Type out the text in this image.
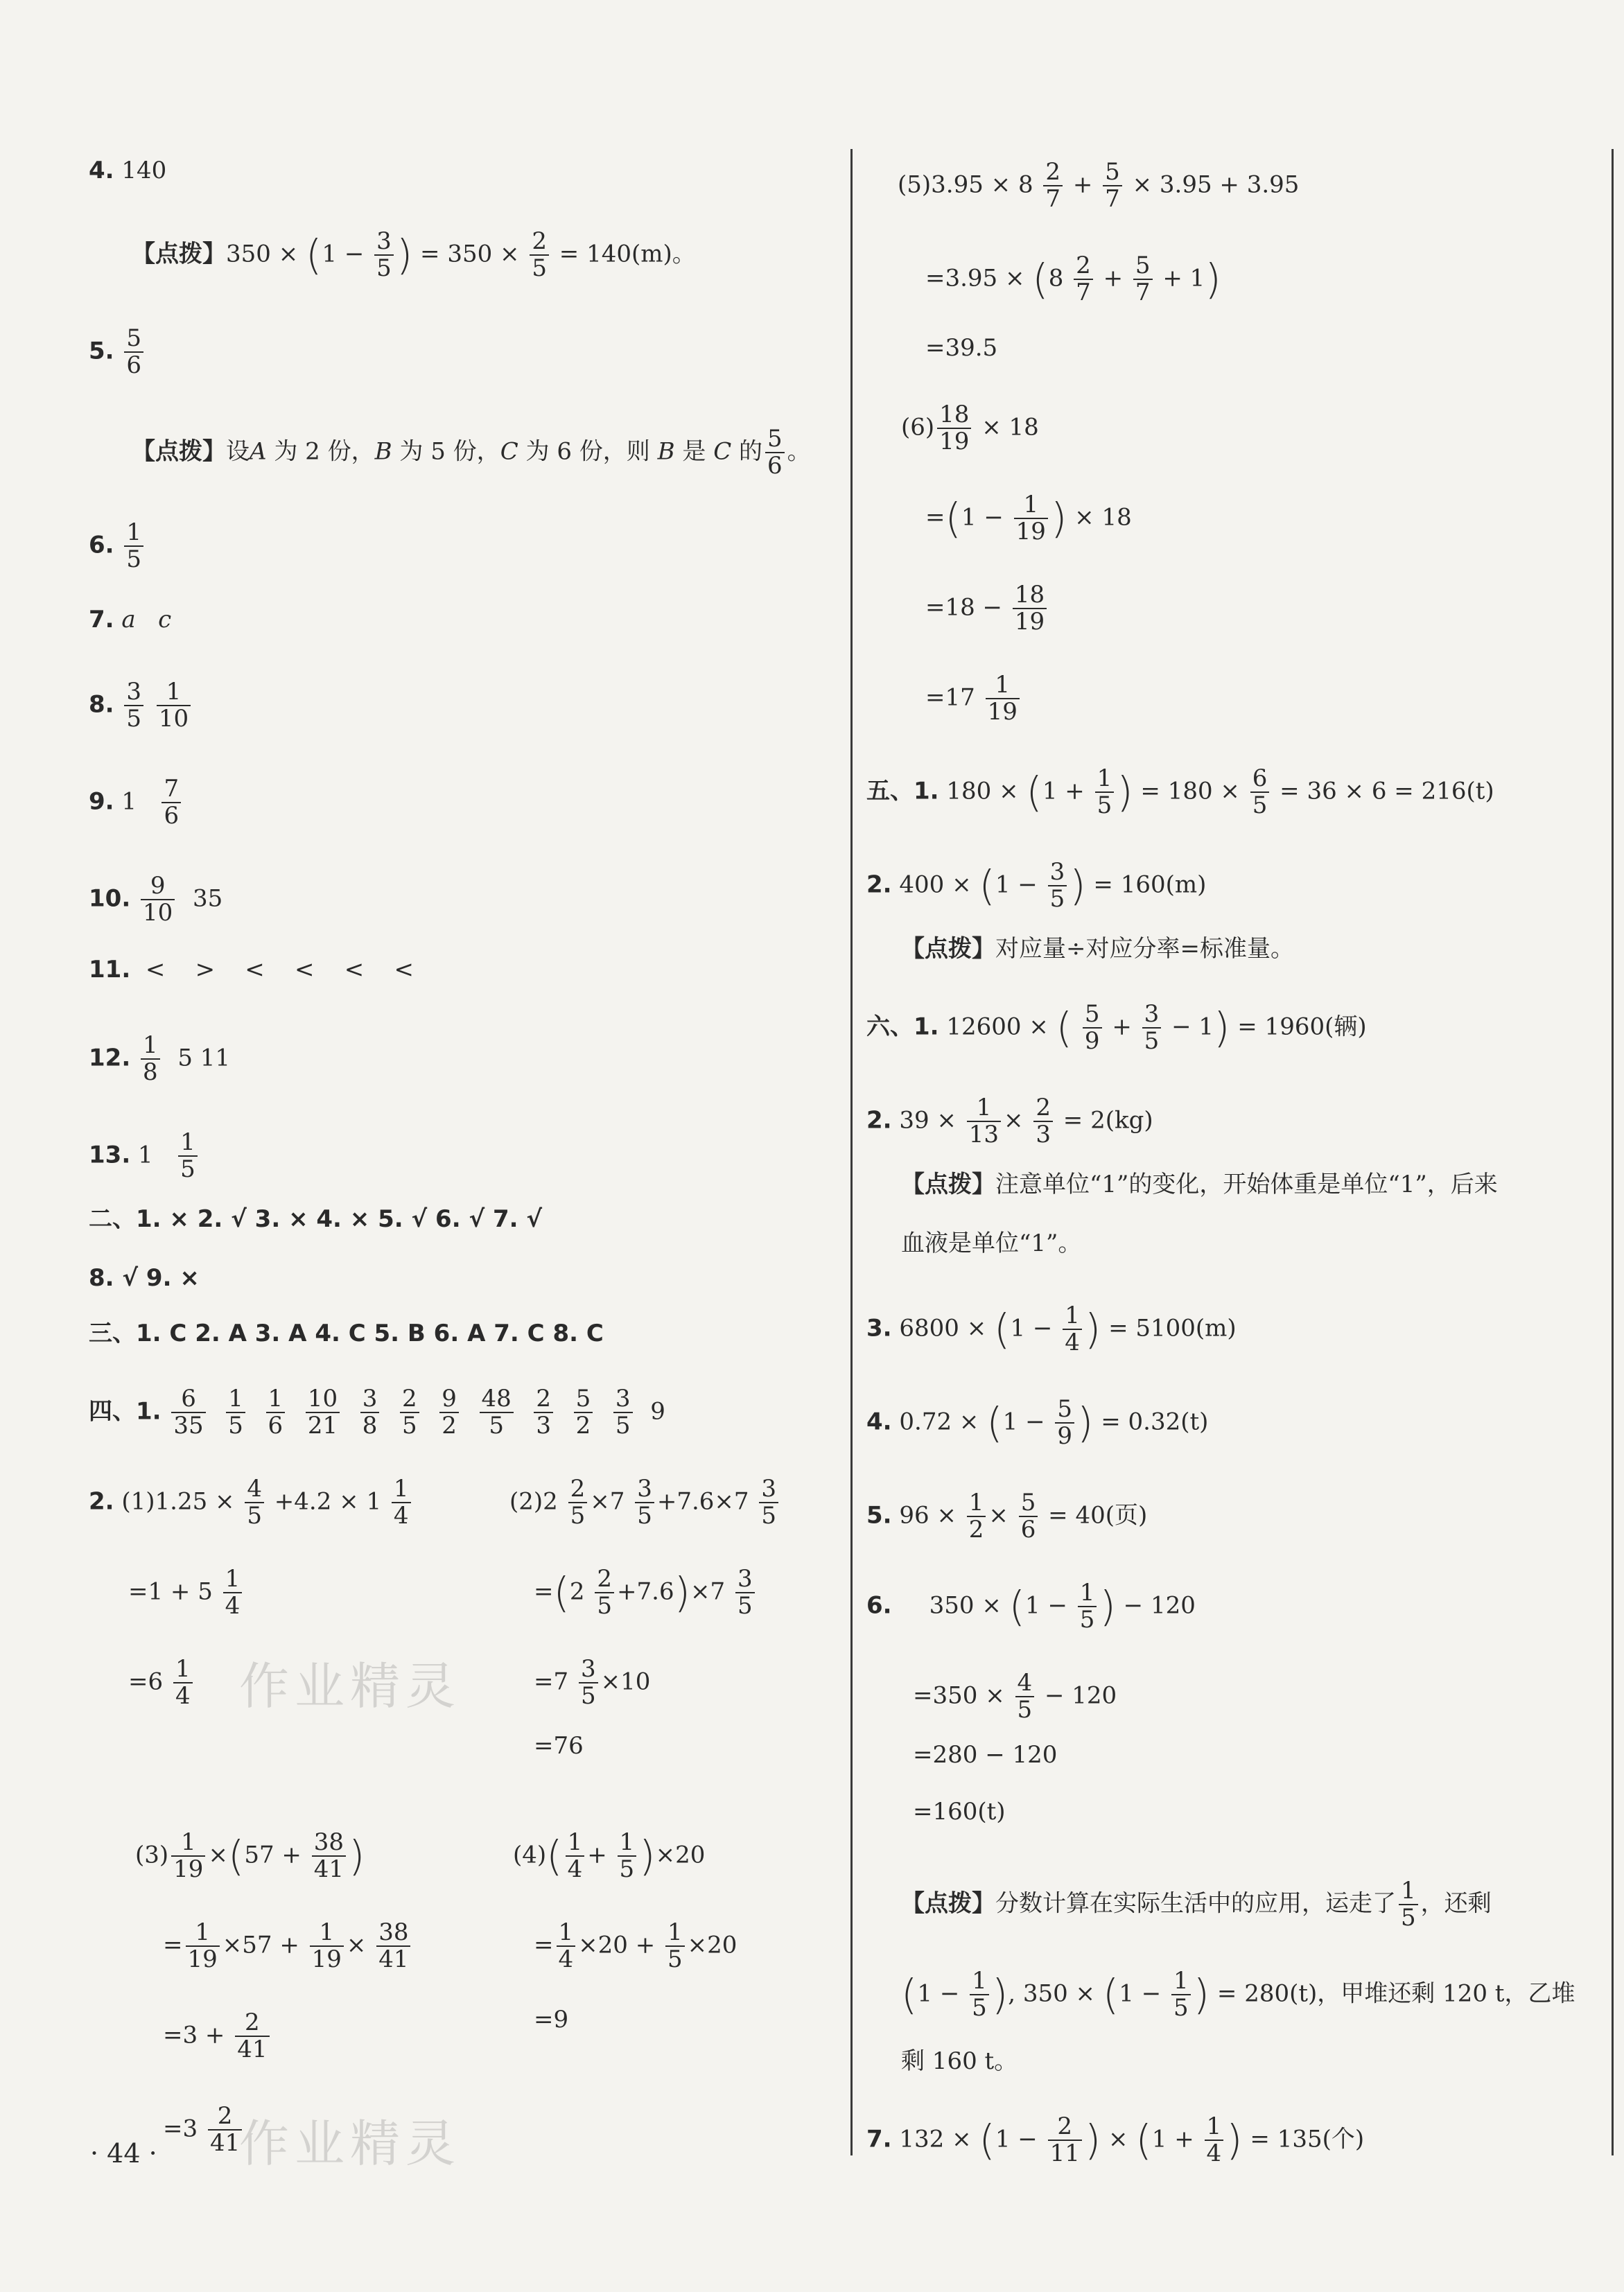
作业精灵
作业精灵
4. 140
【点拨】$350 \times (1 - \frac{3}{5}$ ) = $350 \times \frac{2}{5} = 140(m)$。
5. $\frac{5}{6}$
【点拨】设A 为 2 份，B 为 5 份，C 为 6 份，则 B 是 C 的 $\frac{5}{6}$ 。
6. $\frac{1}{5}$
7. a c
8. $\frac{3}{5}$
$\frac{1}{10}$
9. $1 \frac{7}{6}$
10. $\frac{9}{10} 35$
11.  <    >    <    <    <    <
12. $\frac{1}{8} 5$ 11
13. $1 \frac{1}{5}$
二、1. × 2. √ 3. × 4. × 5. √ 6. √ 7. √
8. √ 9. ×
三、1. C 2. A 3. A 4. C 5. B 6. A 7. C 8. C
四、1. $\frac{6}{35}$
$\frac{1}{5}$
$\frac{1}{6}$
$\frac{10}{21}$
$\frac{3}{8}$
$\frac{2}{5}$
$\frac{9}{2}$
$\frac{48}{5}$
$\frac{2}{3}$
$\frac{5}{2}$
$\frac{3}{5} 9$
2. $(1)1.25 \times \frac{4}{5} +4.2 \times 1 \frac{1}{4}$
$=1 + 5 \frac{1}{4}$
$=6 \frac{1}{4}$
$(2)2 \frac{2}{5} \times 7 \frac{3}{5} +7.6\times 7 \frac{3}{5}$
$=(2 \frac{2}{5} +7.6)\times 7 \frac{3}{5}$
$=7 \frac{3}{5} \times 10$
=76
$(3) \frac{1}{19} \times(57 + \frac{38}{41}$ )
= $\frac{1}{19} \times 57 + \frac{1}{19} \times \frac{38}{41}$
$=3 + \frac{2}{41}$
$=3 \frac{2}{41}$
$(4)( \frac{1}{4} + \frac{1}{5} )\times 20$
= $\frac{1}{4} \times 20 + \frac{1}{5} \times 20$
=9
· 44 ·
$(5)3.95 \times 8 \frac{2}{7} + \frac{5}{7} \times 3.95 + 3.95$
$=3.95 \times (8 \frac{2}{7} + \frac{5}{7} + 1)$
=39.5
$(6) \frac{18}{19} \times 18$
$=(1 - \frac{1}{19}$ ) × 18
$=18 - \frac{18}{19}$
$=17 \frac{1}{19}$
五、1. $180 \times (1 + \frac{1}{5}$ ) = $180 \times \frac{6}{5} = 36 \times 6 = 216(t)$
2. $400 \times (1 - \frac{3}{5}$ ) = 160(m)
【点拨】对应量÷对应分率=标准量。
六、1. 12600 × ( $\frac{5}{9} + \frac{3}{5} - 1) = 1960$(辆)
2. $39 \times \frac{1}{13} \times \frac{2}{3} = 2(kg)$
【点拨】注意单位“1”的变化，开始体重是单位“1”，后来
血液是单位“1”。
3. $6800 \times (1 - \frac{1}{4}$ ) = 5100(m)
4. $0.72 \times (1 - \frac{5}{9}$ ) = 0.32(t)
5. $96 \times \frac{1}{2} \times \frac{5}{6} = 40$(页)
6.     $350 \times (1 - \frac{1}{5}$ ) − 120
$=350 \times \frac{4}{5} - 120$
=280 − 120
=160(t)
【点拨】分数计算在实际生活中的应用，运走了 $\frac{1}{5}$ ，还剩
($1 - \frac{1}{5}$ ), $350 \times (1 - \frac{1}{5}$ ) = 280(t)，甲堆还剩 120 t，乙堆
剩 160 t。
7. $132 \times (1 - \frac{2}{11}$ ) × ($1 + \frac{1}{4}$ ) = 135(个)
